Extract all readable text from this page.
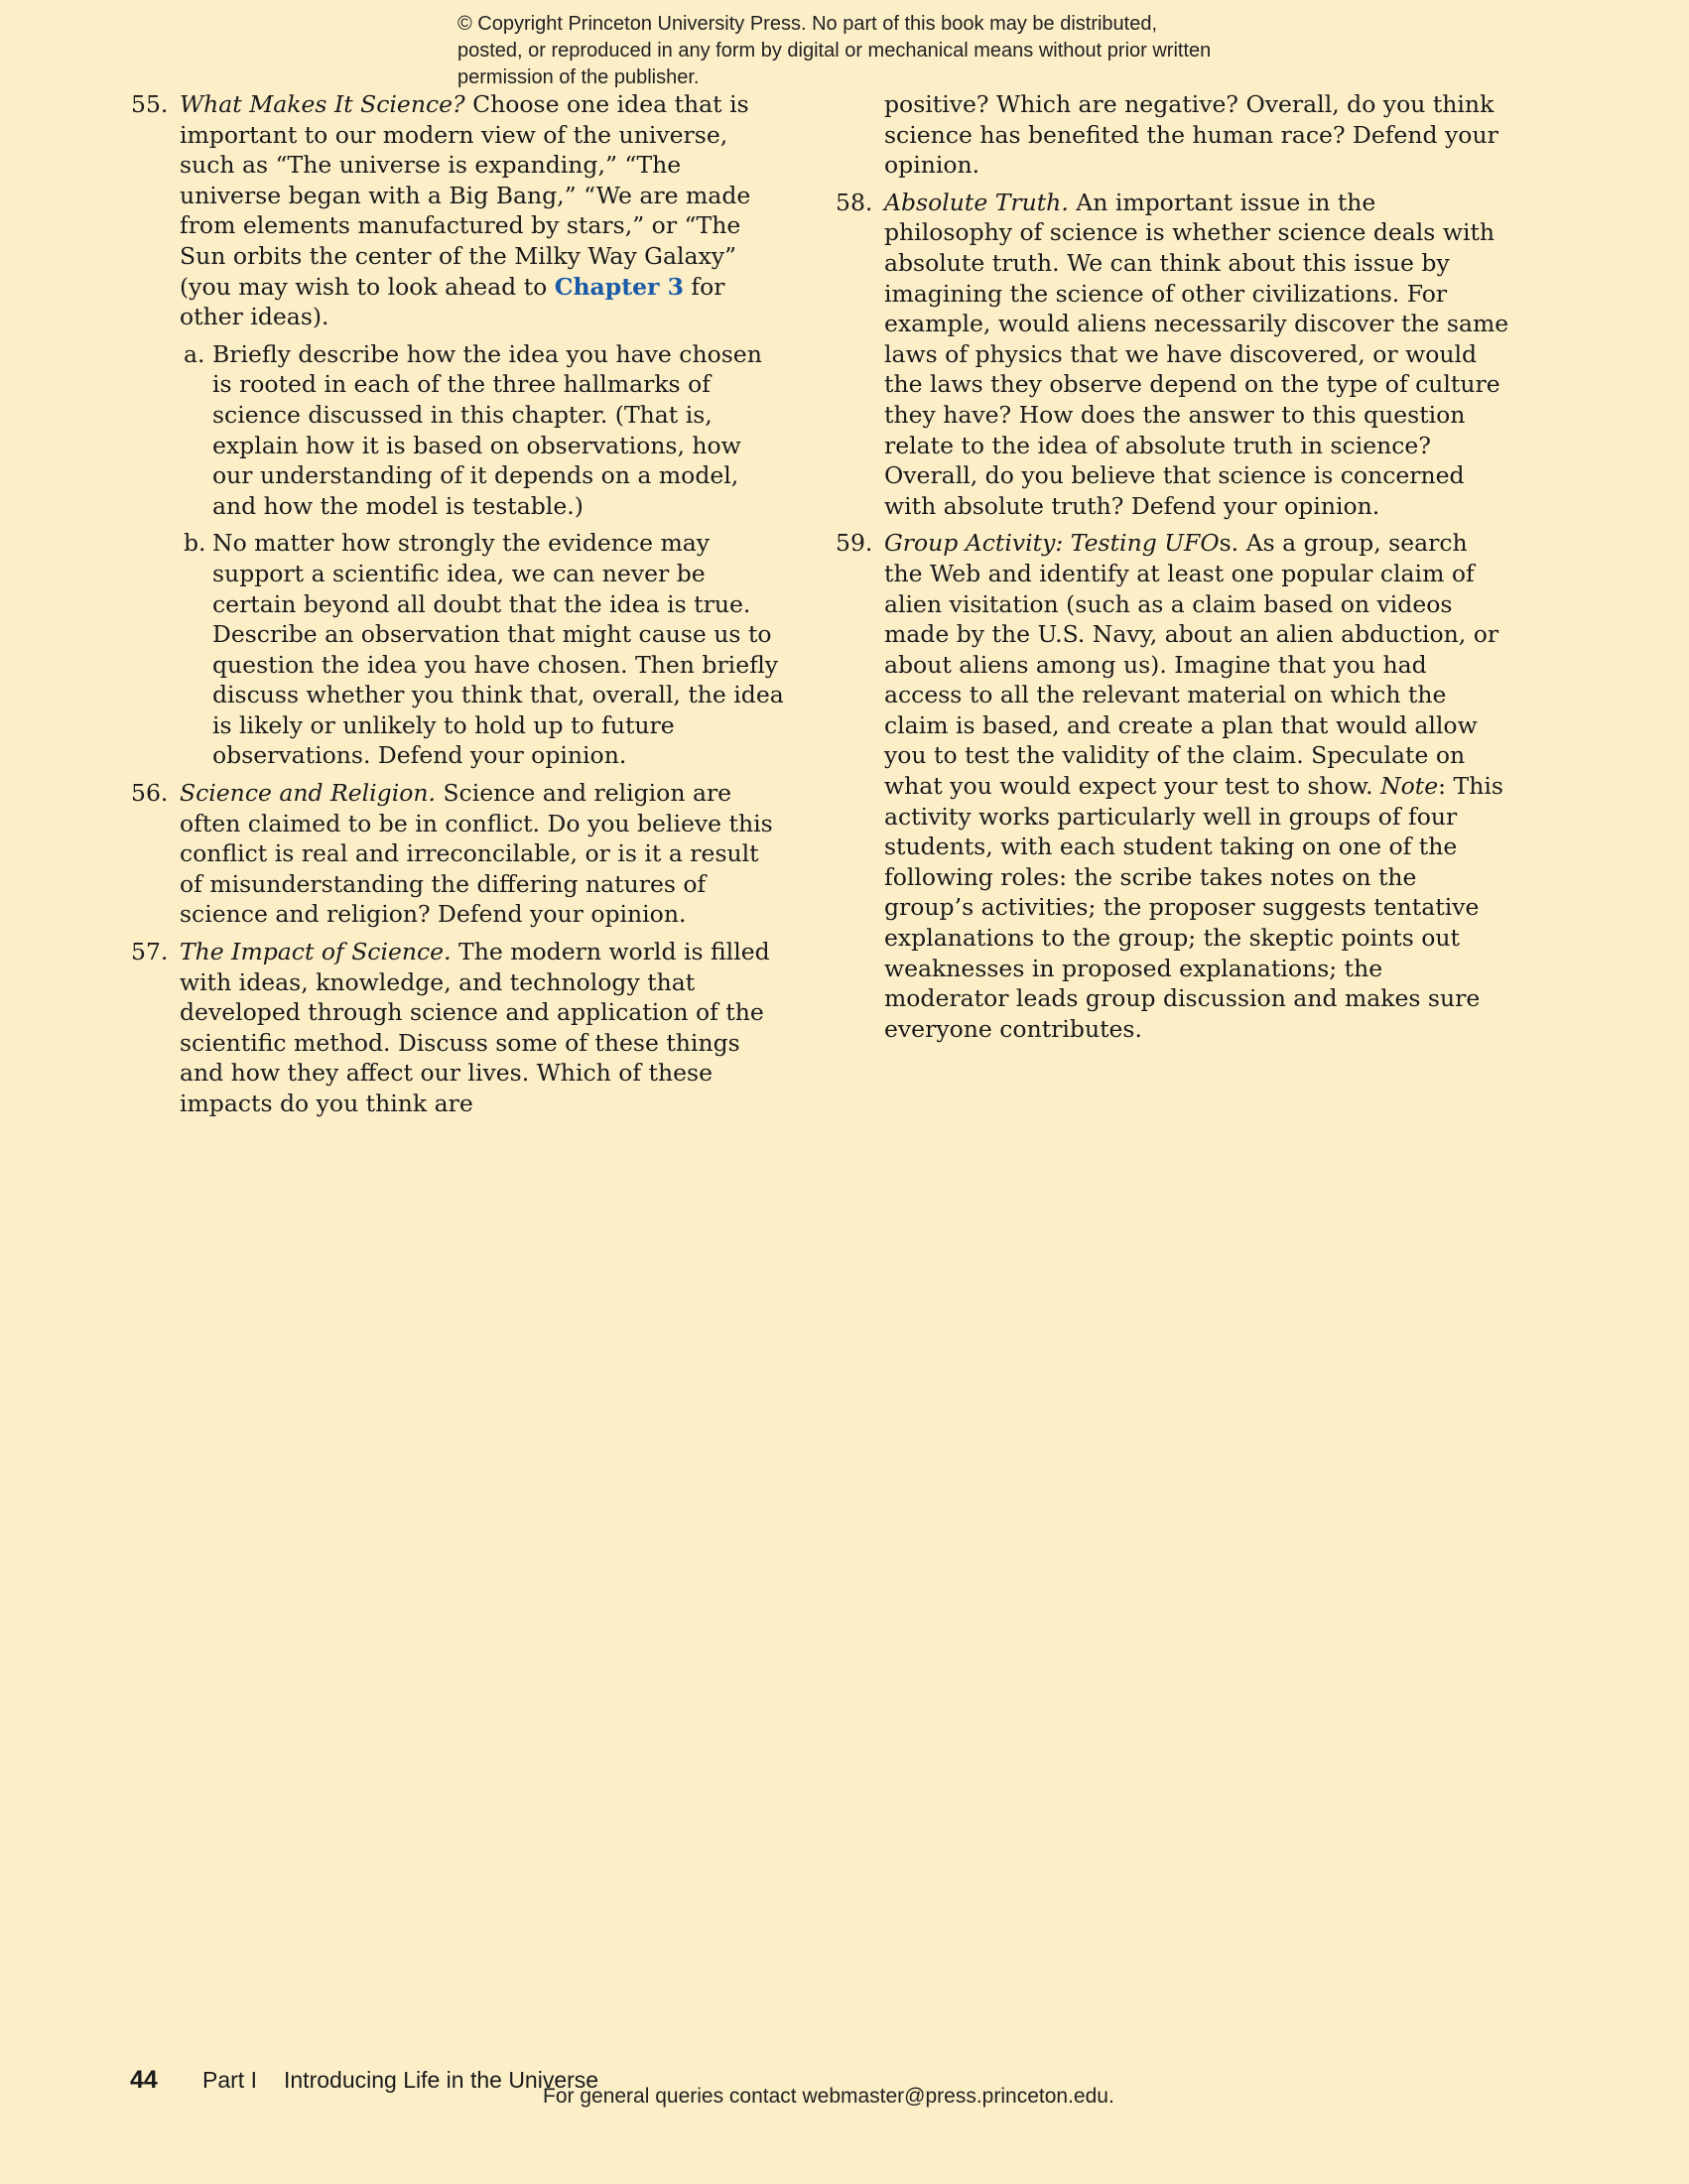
© Copyright Princeton University Press. No part of this book may be distributed, posted, or reproduced in any form by digital or mechanical means without prior written permission of the publisher.
55. What Makes It Science? Choose one idea that is important to our modern view of the universe, such as “The universe is expanding,” “The universe began with a Big Bang,” “We are made from elements manufactured by stars,” or “The Sun orbits the center of the Milky Way Galaxy” (you may wish to look ahead to Chapter 3 for other ideas).

a. Briefly describe how the idea you have chosen is rooted in each of the three hallmarks of science discussed in this chapter. (That is, explain how it is based on observations, how our understanding of it depends on a model, and how the model is testable.)

b. No matter how strongly the evidence may support a scientific idea, we can never be certain beyond all doubt that the idea is true. Describe an observation that might cause us to question the idea you have chosen. Then briefly discuss whether you think that, overall, the idea is likely or unlikely to hold up to future observations. Defend your opinion.

56. Science and Religion. Science and religion are often claimed to be in conflict. Do you believe this conflict is real and irreconcilable, or is it a result of misunderstanding the differing natures of science and religion? Defend your opinion.

57. The Impact of Science. The modern world is filled with ideas, knowledge, and technology that developed through science and application of the scientific method. Discuss some of these things and how they affect our lives. Which of these impacts do you think are

positive? Which are negative? Overall, do you think science has benefited the human race? Defend your opinion.

58. Absolute Truth. An important issue in the philosophy of science is whether science deals with absolute truth. We can think about this issue by imagining the science of other civilizations. For example, would aliens necessarily discover the same laws of physics that we have discovered, or would the laws they observe depend on the type of culture they have? How does the answer to this question relate to the idea of absolute truth in science? Overall, do you believe that science is concerned with absolute truth? Defend your opinion.

59. Group Activity: Testing UFOs. As a group, search the Web and identify at least one popular claim of alien visitation (such as a claim based on videos made by the U.S. Navy, about an alien abduction, or about aliens among us). Imagine that you had access to all the relevant material on which the claim is based, and create a plan that would allow you to test the validity of the claim. Speculate on what you would expect your test to show. Note: This activity works particularly well in groups of four students, with each student taking on one of the following roles: the scribe takes notes on the group’s activities; the proposer suggests tentative explanations to the group; the skeptic points out weaknesses in proposed explanations; the moderator leads group discussion and makes sure everyone contributes.

44 Part I Introducing Life in the Universe
For general queries contact webmaster@press.princeton.edu.
